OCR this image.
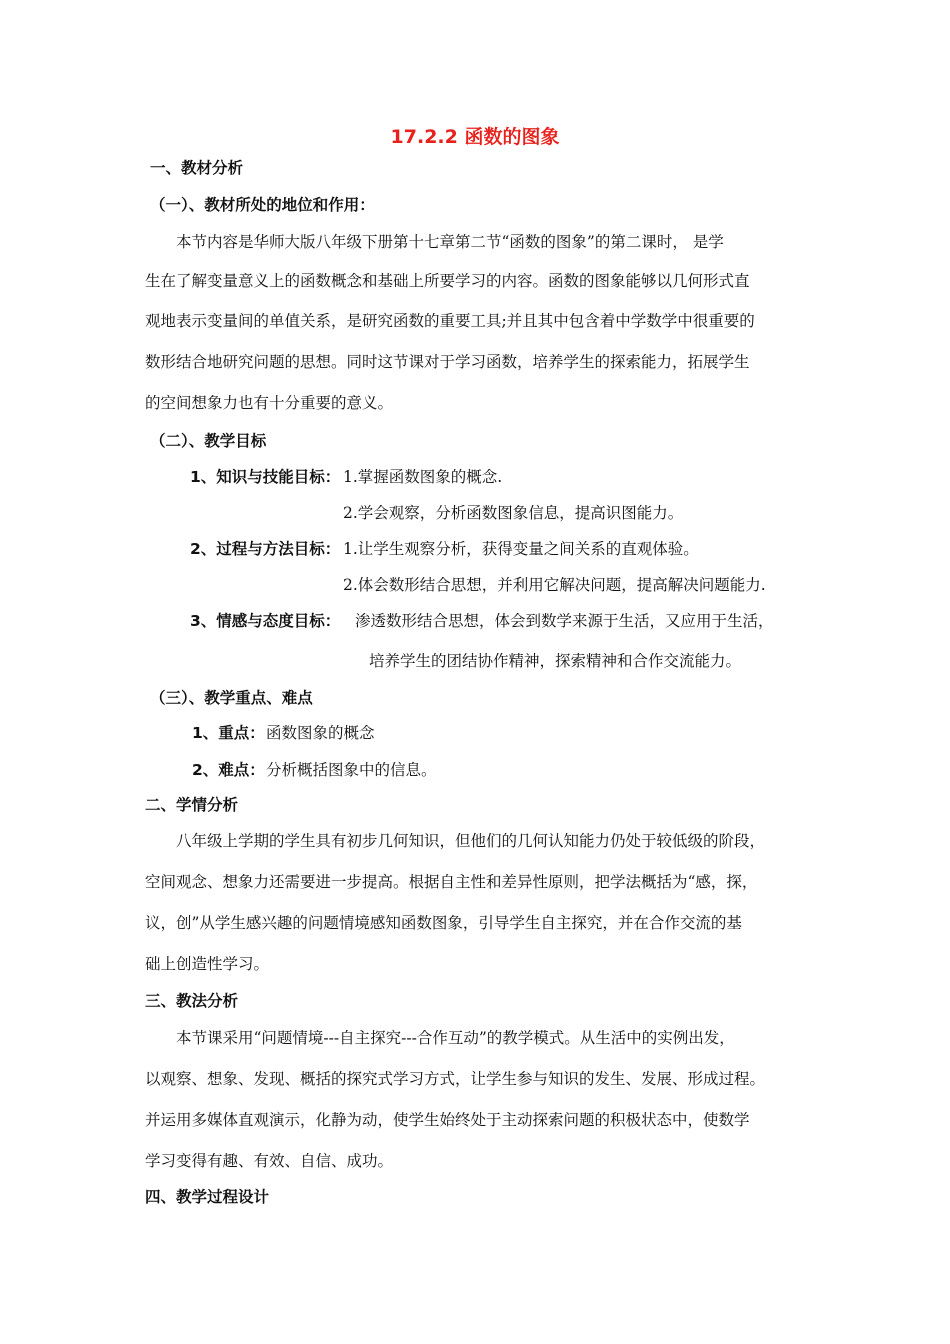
17.2.2 函数的图象
一、教材分析
（一）、教材所处的地位和作用：
本节内容是华师大版八年级下册第十七章第二节“函数的图象”的第二课时， 是学
生在了解变量意义上的函数概念和基础上所要学习的内容。函数的图象能够以几何形式直
观地表示变量间的单值关系，是研究函数的重要工具;并且其中包含着中学数学中很重要的
数形结合地研究问题的思想。同时这节课对于学习函数，培养学生的探索能力，拓展学生
的空间想象力也有十分重要的意义。
（二）、教学目标
1、知识与技能目标： 1.掌握函数图象的概念.
2.学会观察，分析函数图象信息，提高识图能力。
2、过程与方法目标： 1.让学生观察分析，获得变量之间关系的直观体验。
2.体会数形结合思想，并利用它解决问题，提高解决问题能力.
3、情感与态度目标： 渗透数形结合思想，体会到数学来源于生活，又应用于生活，
培养学生的团结协作精神，探索精神和合作交流能力。
（三）、教学重点、难点
1、重点： 函数图象的概念
2、难点： 分析概括图象中的信息。
二、学情分析
八年级上学期的学生具有初步几何知识，但他们的几何认知能力仍处于较低级的阶段，
空间观念、想象力还需要进一步提高。根据自主性和差异性原则，把学法概括为“感，探，
议，创”从学生感兴趣的问题情境感知函数图象，引导学生自主探究，并在合作交流的基
础上创造性学习。
三、教法分析
本节课采用“问题情境---自主探究---合作互动”的教学模式。从生活中的实例出发，
以观察、想象、发现、概括的探究式学习方式，让学生参与知识的发生、发展、形成过程。
并运用多媒体直观演示，化静为动，使学生始终处于主动探索问题的积极状态中，使数学
学习变得有趣、有效、自信、成功。
四、教学过程设计
